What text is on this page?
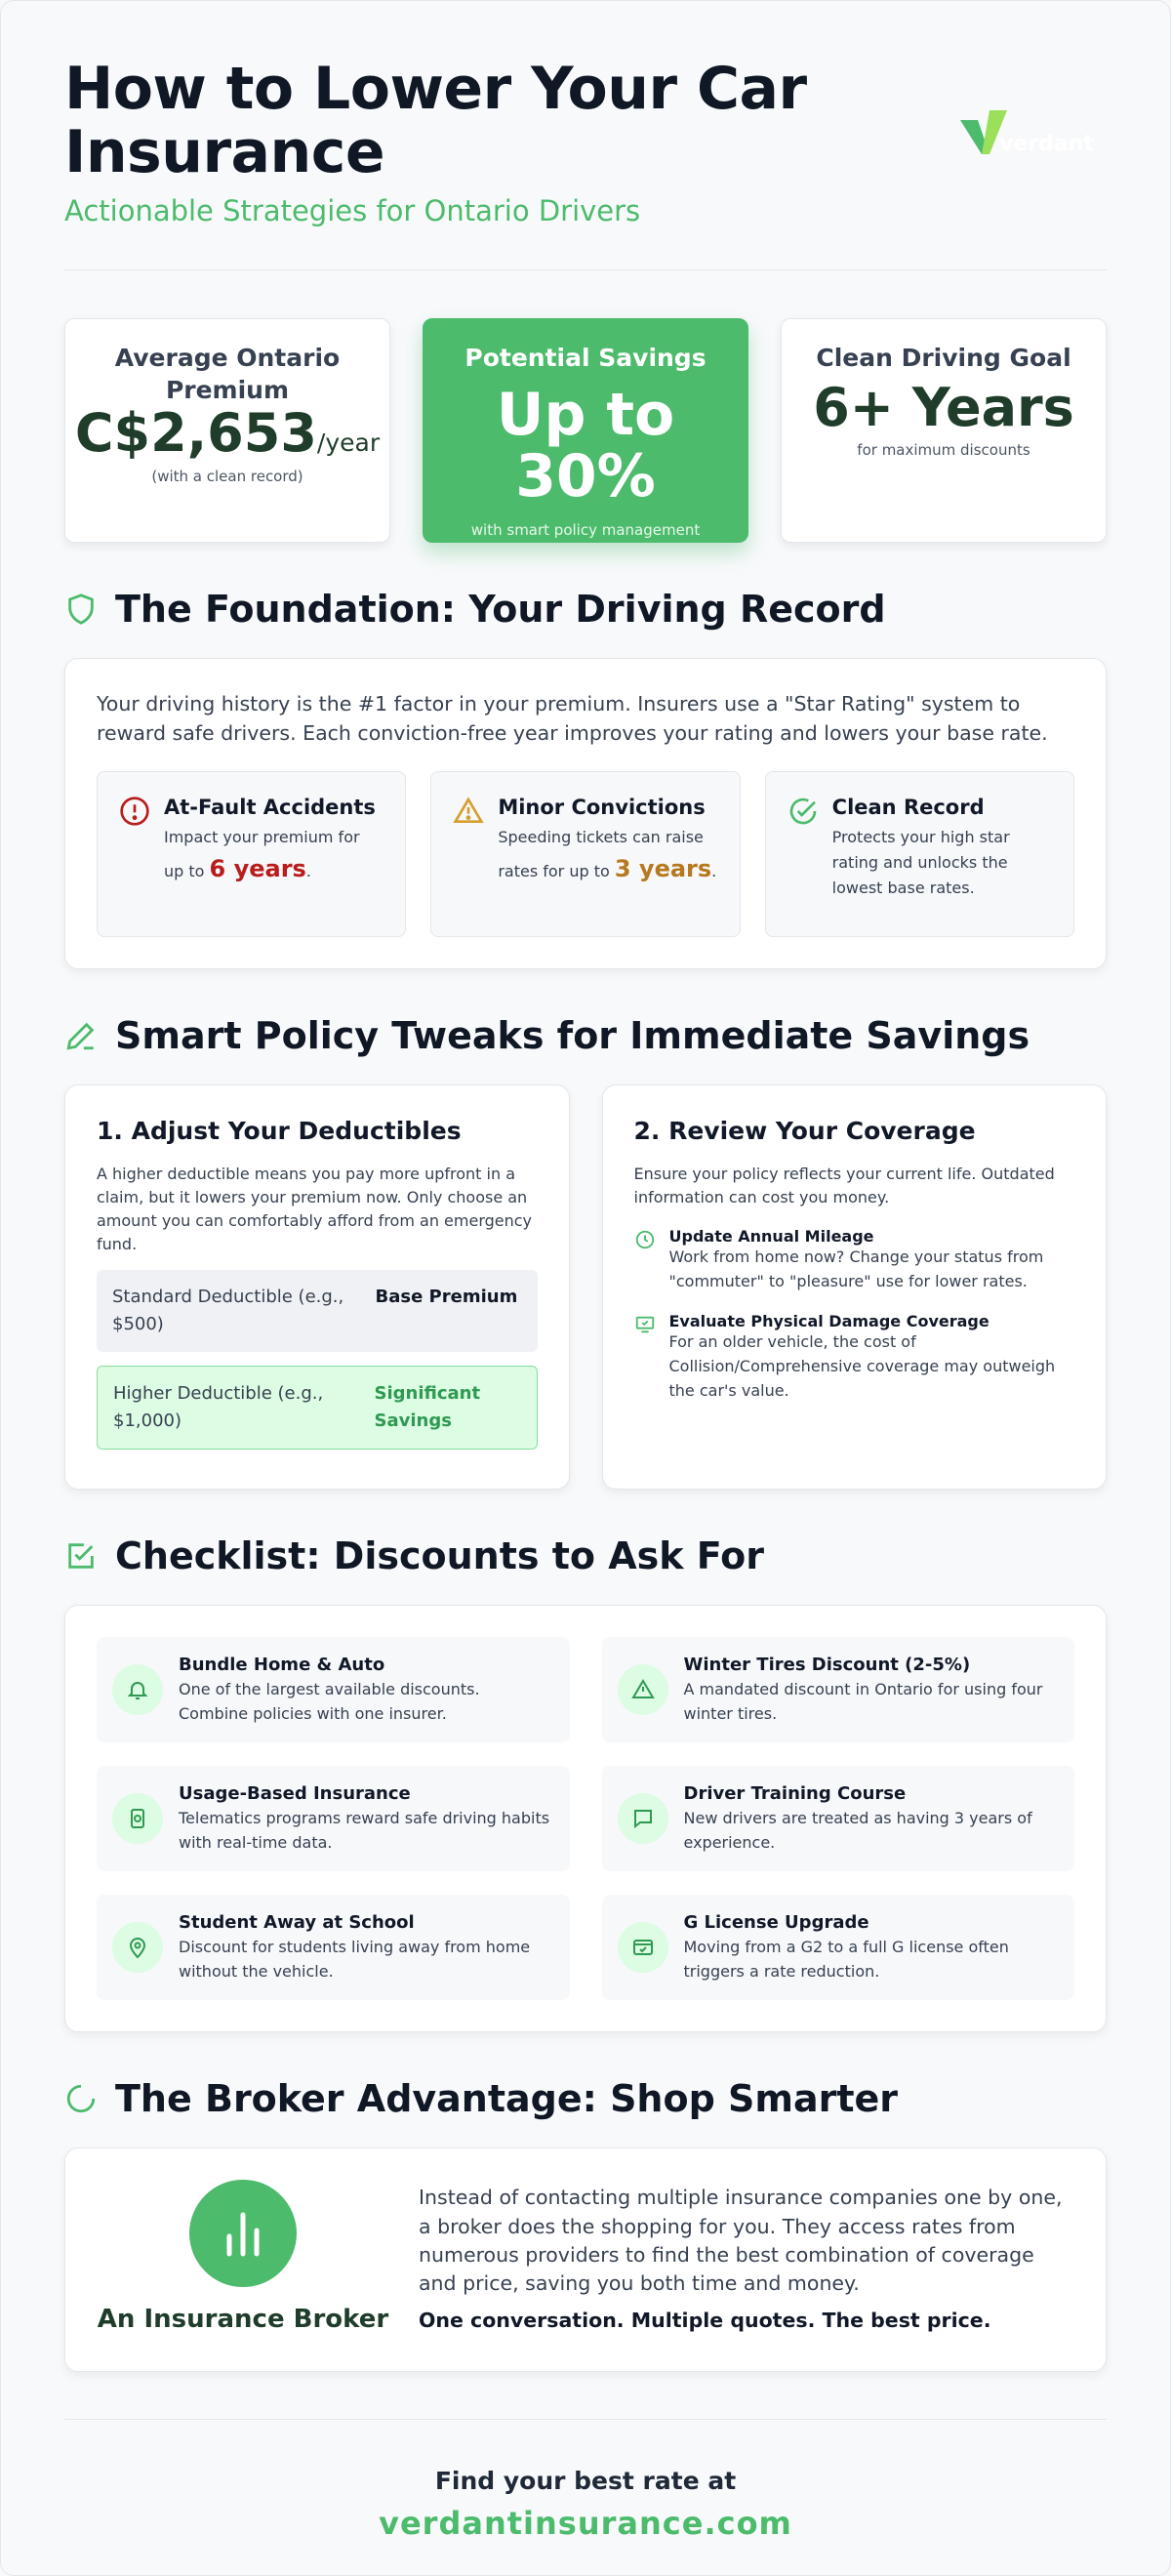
How to Lower Your Car Insurance
Actionable Strategies for Ontario Drivers
verdant
Average Ontario Premium
C$2,653/year
(with a clean record)
Potential Savings
Up to 30%
with smart policy management
Clean Driving Goal
6+ Years
for maximum discounts
The Foundation: Your Driving Record

Your driving history is the #1 factor in your premium. Insurers use a "Star Rating" system to reward safe drivers. Each conviction-free year improves your rating and lowers your base rate.

At-Fault Accidents
Impact your premium for up to 6 years.
Minor Convictions
Speeding tickets can raise rates for up to 3 years.
Clean Record
Protects your high star rating and unlocks the lowest base rates.
Smart Policy Tweaks for Immediate Savings
1. Adjust Your Deductibles

A higher deductible means you pay more upfront in a claim, but it lowers your premium now. Only choose an amount you can comfortably afford from an emergency fund.

Standard Deductible (e.g., $500)
Base Premium
Higher Deductible (e.g., $1,000)
Significant Savings
2. Review Your Coverage

Ensure your policy reflects your current life. Outdated information can cost you money.

Update Annual Mileage
Work from home now? Change your status from "commuter" to "pleasure" use for lower rates.
Evaluate Physical Damage Coverage
For an older vehicle, the cost of Collision/Comprehensive coverage may outweigh the car's value.
Checklist: Discounts to Ask For
Bundle Home & Auto
One of the largest available discounts. Combine policies with one insurer.
Winter Tires Discount (2-5%)
A mandated discount in Ontario for using four winter tires.
Usage-Based Insurance
Telematics programs reward safe driving habits with real-time data.
Driver Training Course
New drivers are treated as having 3 years of experience.
Student Away at School
Discount for students living away from home without the vehicle.
G License Upgrade
Moving from a G2 to a full G license often triggers a rate reduction.
The Broker Advantage: Shop Smarter
An Insurance Broker

Instead of contacting multiple insurance companies one by one, a broker does the shopping for you. They access rates from numerous providers to find the best combination of coverage and price, saving you both time and money.

One conversation. Multiple quotes. The best price.

Find your best rate at
verdantinsurance.com
